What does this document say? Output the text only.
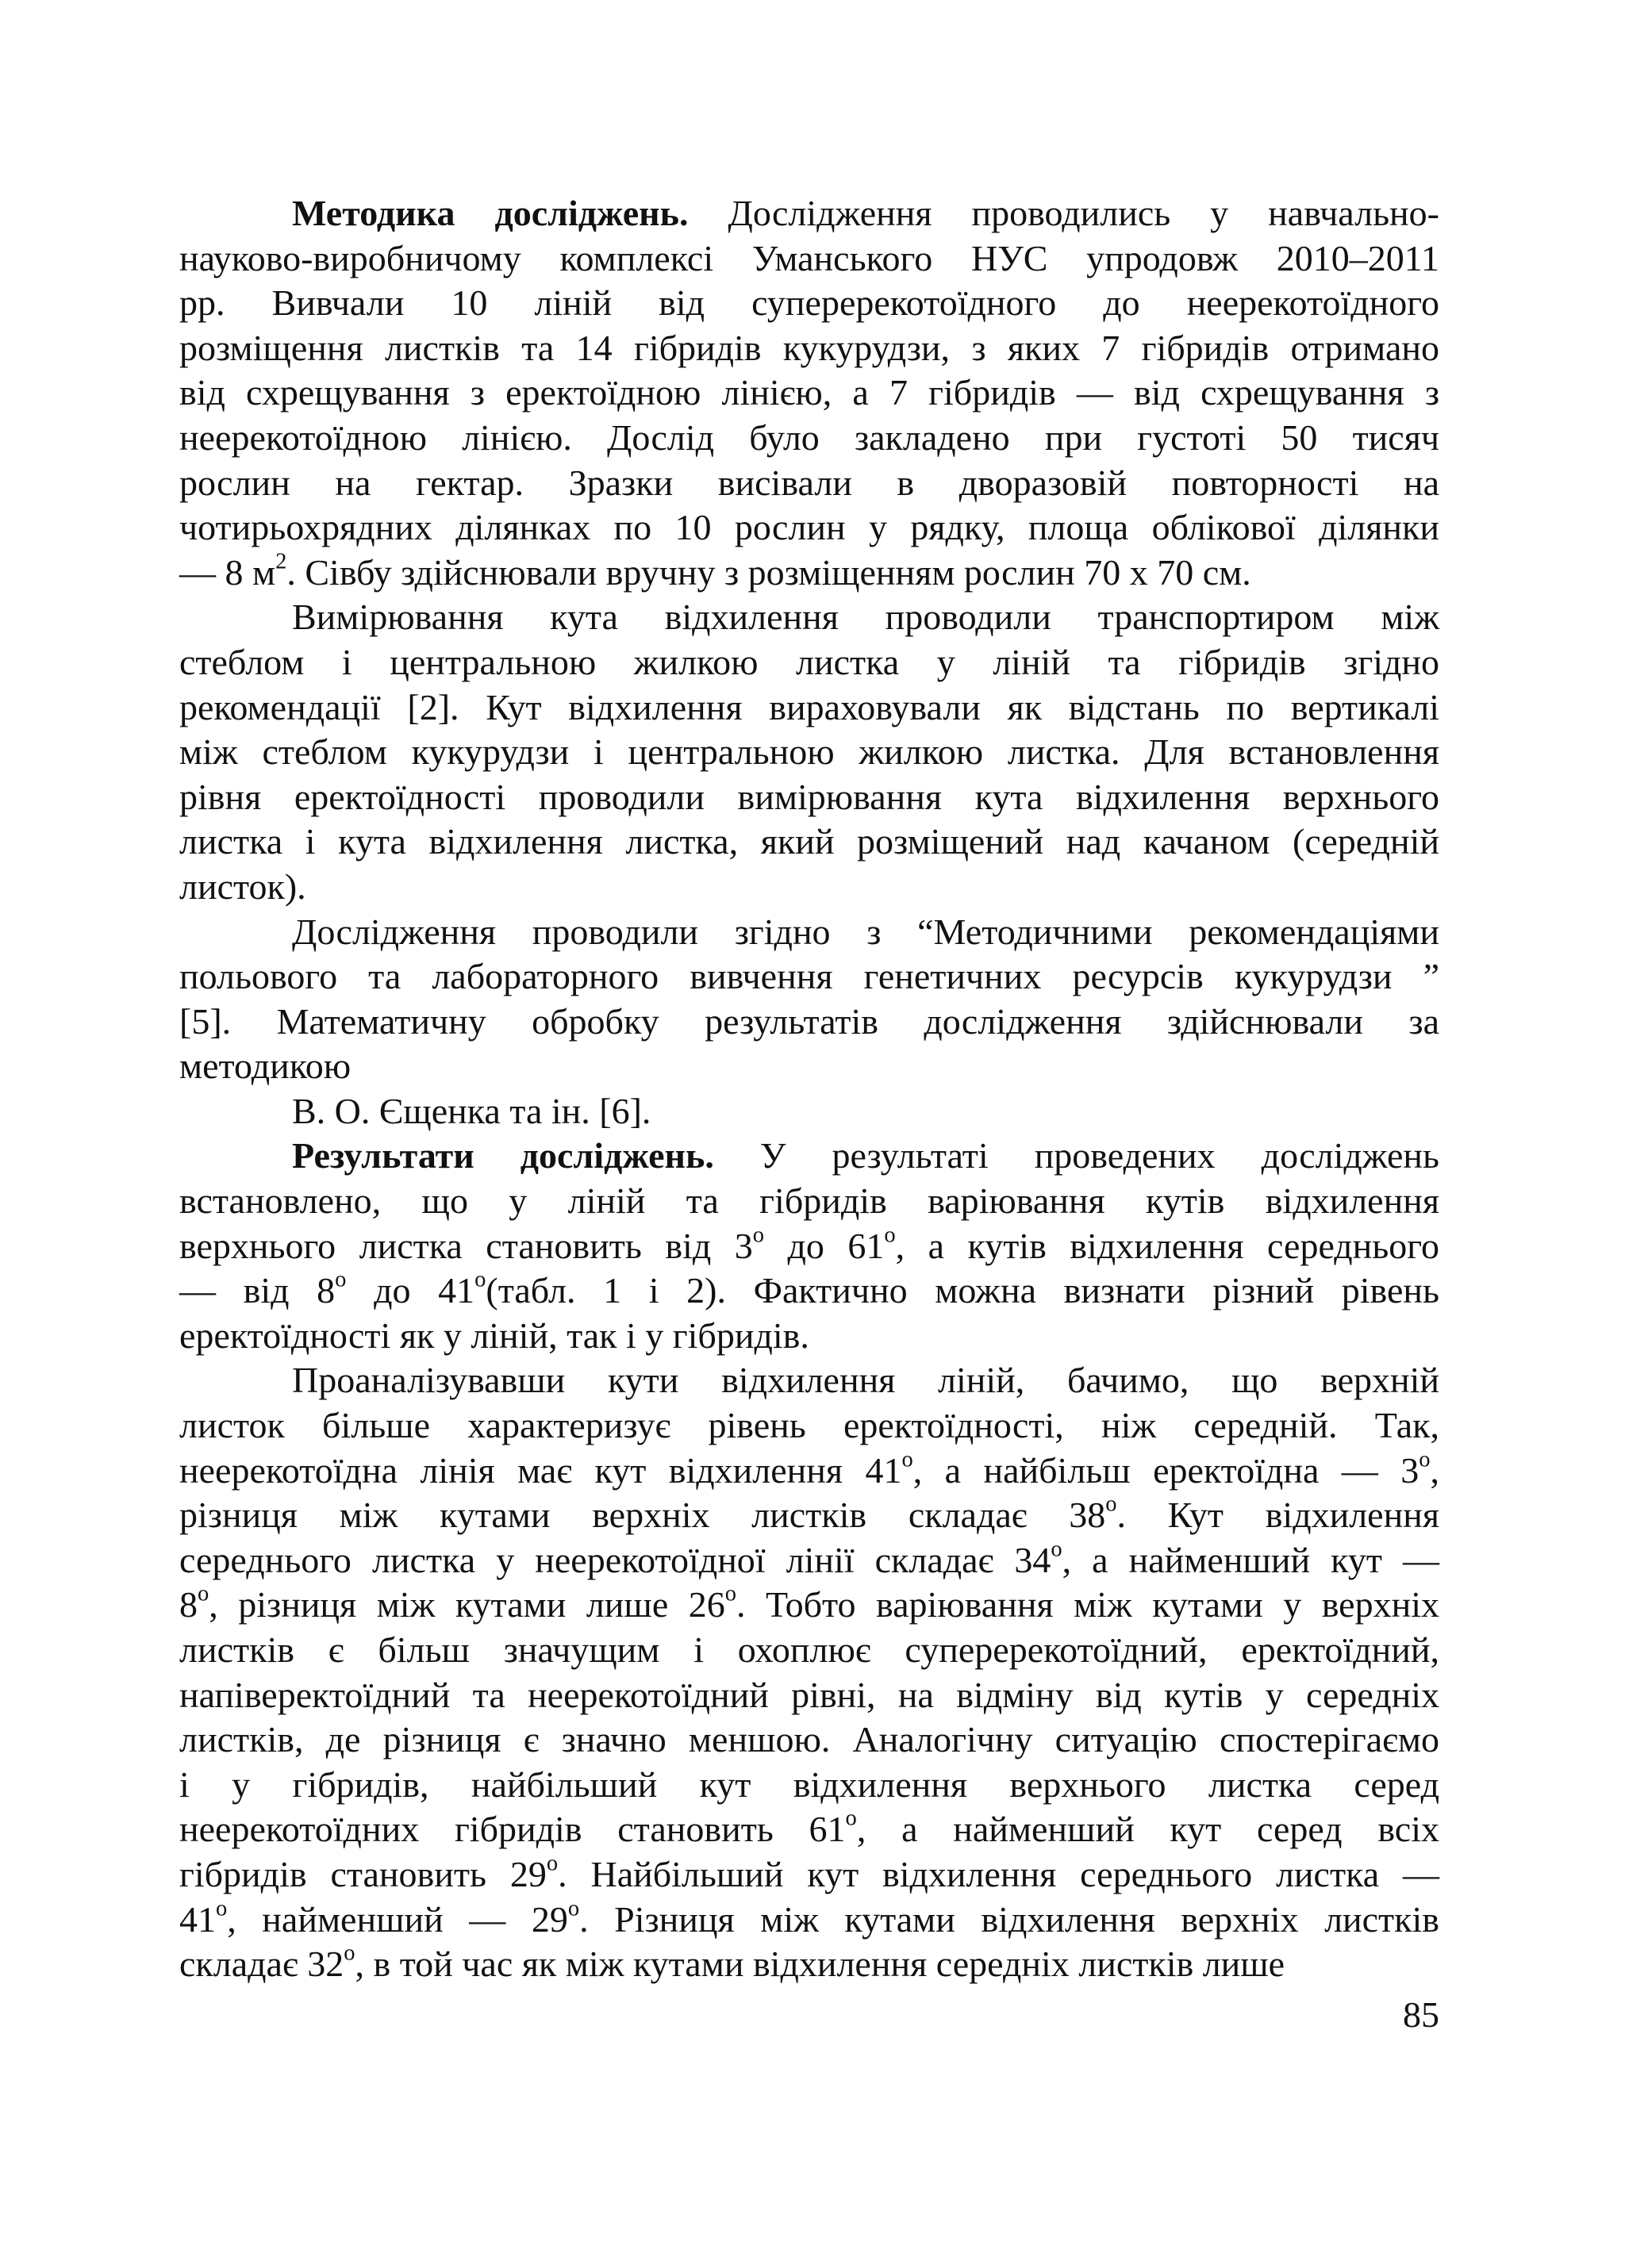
Методика досліджень. Дослідження проводились у навчально-
науково-виробничому комплексі Уманського НУС упродовж 2010–2011
рр. Вивчали 10 ліній від суперерекотоїдного до неерекотоїдного
розміщення листків та 14 гібридів кукурудзи, з яких 7 гібридів отримано
від схрещування з еректоїдною лінією, а 7 гібридів — від схрещування з
неерекотоїдною лінією. Дослід було закладено при густоті 50 тисяч
рослин на гектар. Зразки висівали в дворазовій повторності на
чотирьохрядних ділянках по 10 рослин у рядку, площа облікової ділянки
— 8 $м^2$. Сівбу здійснювали вручну з розміщенням рослин 70 х 70 см.
Вимірювання кута відхилення проводили транспортиром між
стеблом і центральною жилкою листка у ліній та гібридів згідно
рекомендації [2]. Кут відхилення вираховували як відстань по вертикалі
між стеблом кукурудзи і центральною жилкою листка. Для встановлення
рівня еректоїдності проводили вимірювання кута відхилення верхнього
листка і кута відхилення листка, який розміщений над качаном (середній
листок).
Дослідження проводили згідно з “Методичними рекомендаціями
польового та лабораторного вивчення генетичних ресурсів кукурудзи ”
[5]. Математичну обробку результатів дослідження здійснювали за
методикою
В. О. Єщенка та ін. [6].
Результати досліджень. У результаті проведених досліджень
встановлено, що у ліній та гібридів варіювання кутів відхилення
верхнього листка становить від $3^о$ до $61^о$, а кутів відхилення середнього
— від $8^о$ до $41^о(табл$. 1 і 2). Фактично можна визнати різний рівень
еректоїдності як у ліній, так і у гібридів.
Проаналізувавши кути відхилення ліній, бачимо, що верхній
листок більше характеризує рівень еректоїдності, ніж середній. Так,
неерекотоїдна лінія має кут відхилення $41^о$, а найбільш еректоїдна — $3^о$,
різниця між кутами верхніх листків складає $38^о$. Кут відхилення
середнього листка у неерекотоїдної лінії складає $34^о$, а найменший кут —
$8^о$, різниця між кутами лише $26^о$. Тобто варіювання між кутами у верхніх
листків є більш значущим і охоплює суперерекотоїдний, еректоїдний,
напіверектоїдний та неерекотоїдний рівні, на відміну від кутів у середніх
листків, де різниця є значно меншою. Аналогічну ситуацію спостерігаємо
і у гібридів, найбільший кут відхилення верхнього листка серед
неерекотоїдних гібридів становить $61^о$, а найменший кут серед всіх
гібридів становить $29^о$. Найбільший кут відхилення середнього листка —
$41^о$, найменший — $29^о$. Різниця між кутами відхилення верхніх листків
складає $32^о$, в той час як між кутами відхилення середніх листків лише
85
